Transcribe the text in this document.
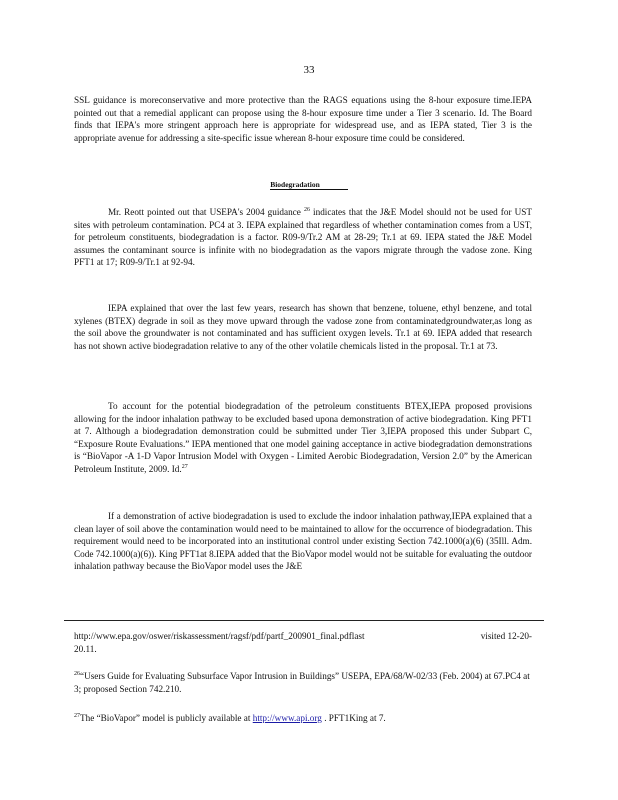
33

SSL guidance is moreconservative and more protective than the RAGS equations using the 8-hour exposure time.IEPA pointed out that a remedial applicant can propose using the 8-hour exposure time under a Tier 3 scenario. Id. The Board finds that IEPA's more stringent approach here is appropriate for widespread use, and as IEPA stated, Tier 3 is the appropriate avenue for addressing a site-specific issue wherean 8-hour exposure time could be considered.

Biodegradation

Mr. Reott pointed out that USEPA's 2004 guidance $^{26}$ indicates that the J&E Model should not be used for UST sites with petroleum contamination. PC4 at 3. IEPA explained that regardless of whether contamination comes from a UST, for petroleum constituents, biodegradation is a factor. R09-9/Tr.2 AM at 28-29; Tr.1 at 69. IEPA stated the J&E Model assumes the contaminant source is infinite with no biodegradation as the vapors migrate through the vadose zone. King PFT1 at 17; R09-9/Tr.1 at 92-94.

IEPA explained that over the last few years, research has shown that benzene, toluene, ethyl benzene, and total xylenes (BTEX) degrade in soil as they move upward through the vadose zone from contaminatedgroundwater,as long as the soil above the groundwater is not contaminated and has sufficient oxygen levels. Tr.1 at 69. IEPA added that research has not shown active biodegradation relative to any of the other volatile chemicals listed in the proposal. Tr.1 at 73.

To account for the potential biodegradation of the petroleum constituents BTEX,IEPA proposed provisions allowing for the indoor inhalation pathway to be excluded based upona demonstration of active biodegradation. King PFT1 at 7. Although a biodegradation demonstration could be submitted under Tier 3,IEPA proposed this under Subpart C, “Exposure Route Evaluations.” IEPA mentioned that one model gaining acceptance in active biodegradation demonstrations is “BioVapor -A 1-D Vapor Intrusion Model with Oxygen - Limited Aerobic Biodegradation, Version 2.0” by the American Petroleum Institute, 2009. Id.$^{27}$

If a demonstration of active biodegradation is used to exclude the indoor inhalation pathway,IEPA explained that a clean layer of soil above the contamination would need to be maintained to allow for the occurrence of biodegradation. This requirement would need to be incorporated into an institutional control under existing Section 742.1000(a)(6) (35Ill. Adm. Code 742.1000(a)(6)). King PFT1at 8.IEPA added that the BioVapor model would not be suitable for evaluating the outdoor inhalation pathway because the BioVapor model uses the J&E

http://www.epa.gov/oswer/riskassessment/ragsf/pdf/partf_200901_final.pdflast	visited 12-20-
20.11.

$^{26}$“Users Guide for Evaluating Subsurface Vapor Intrusion in Buildings” USEPA, EPA/68/W-02/33 (Feb. 2004) at 67.PC4 at 3; proposed Section 742.210.

$^{27}$The “BioVapor” model is publicly available at http://www.api.org . PFT1King at 7.
